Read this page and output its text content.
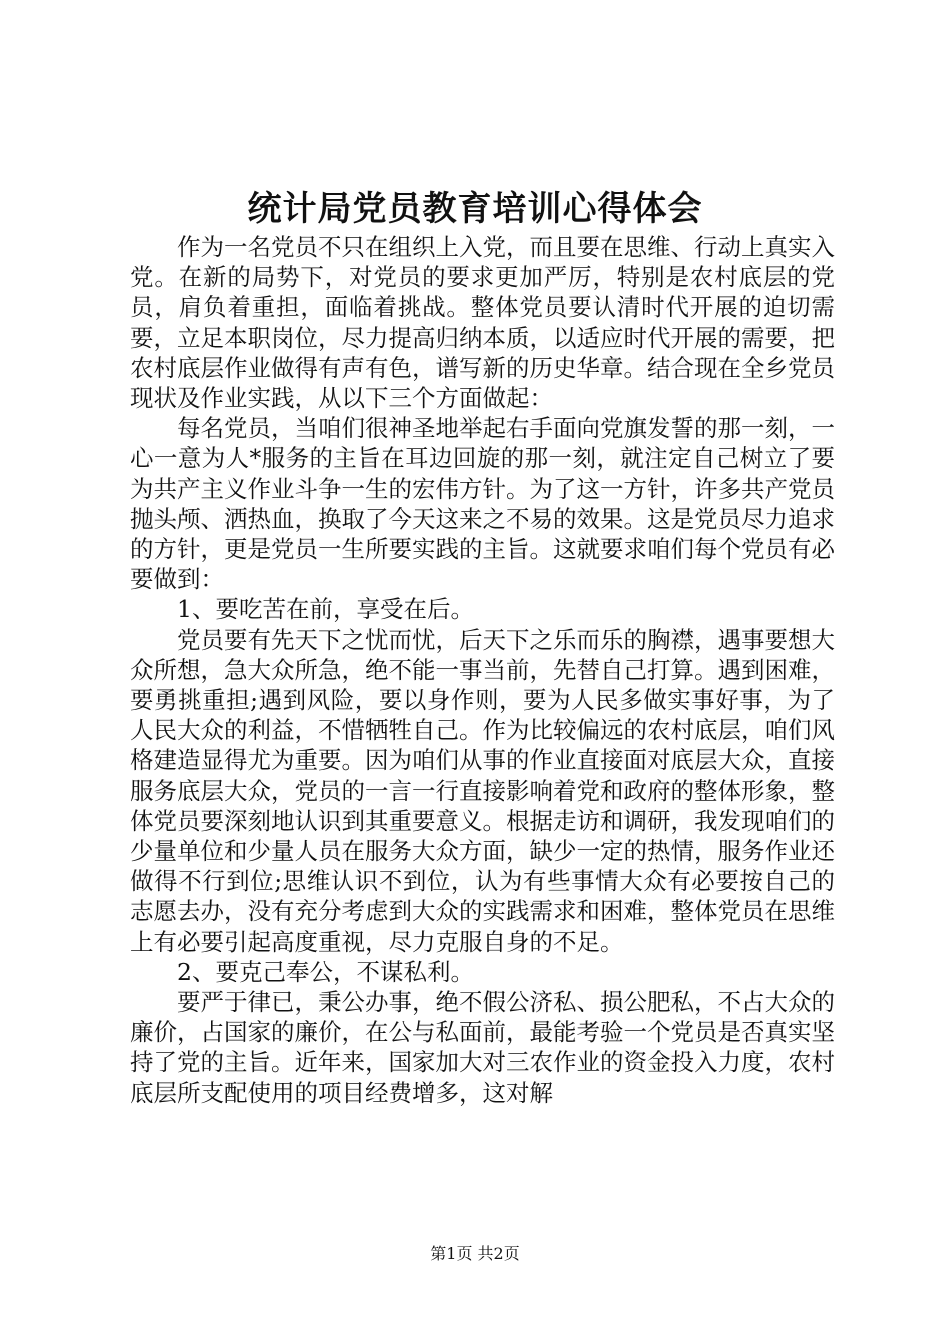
统计局党员教育培训心得体会

作为一名党员不只在组织上入党，而且要在思维、行动上真实入党。在新的局势下，对党员的要求更加严厉，特别是农村底层的党员，肩负着重担，面临着挑战。整体党员要认清时代开展的迫切需要，立足本职岗位，尽力提高归纳本质，以适应时代开展的需要，把农村底层作业做得有声有色，谱写新的历史华章。结合现在全乡党员现状及作业实践，从以下三个方面做起：

每名党员，当咱们很神圣地举起右手面向党旗发誓的那一刻，一心一意为人*服务的主旨在耳边回旋的那一刻，就注定自己树立了要为共产主义作业斗争一生的宏伟方针。为了这一方针，许多共产党员抛头颅、洒热血，换取了今天这来之不易的效果。这是党员尽力追求的方针，更是党员一生所要实践的主旨。这就要求咱们每个党员有必要做到：

1、要吃苦在前，享受在后。

党员要有先天下之忧而忧，后天下之乐而乐的胸襟，遇事要想大众所想，急大众所急，绝不能一事当前，先替自己打算。遇到困难，要勇挑重担;遇到风险，要以身作则，要为人民多做实事好事，为了人民大众的利益，不惜牺牲自己。作为比较偏远的农村底层，咱们风格建造显得尤为重要。因为咱们从事的作业直接面对底层大众，直接服务底层大众，党员的一言一行直接影响着党和政府的整体形象，整体党员要深刻地认识到其重要意义。根据走访和调研，我发现咱们的少量单位和少量人员在服务大众方面，缺少一定的热情，服务作业还做得不行到位;思维认识不到位，认为有些事情大众有必要按自己的志愿去办，没有充分考虑到大众的实践需求和困难，整体党员在思维上有必要引起高度重视，尽力克服自身的不足。

2、要克己奉公，不谋私利。

要严于律已，秉公办事，绝不假公济私、损公肥私，不占大众的廉价，占国家的廉价，在公与私面前，最能考验一个党员是否真实坚持了党的主旨。近年来，国家加大对三农作业的资金投入力度，农村底层所支配使用的项目经费增多，这对解

第1页 共2页
